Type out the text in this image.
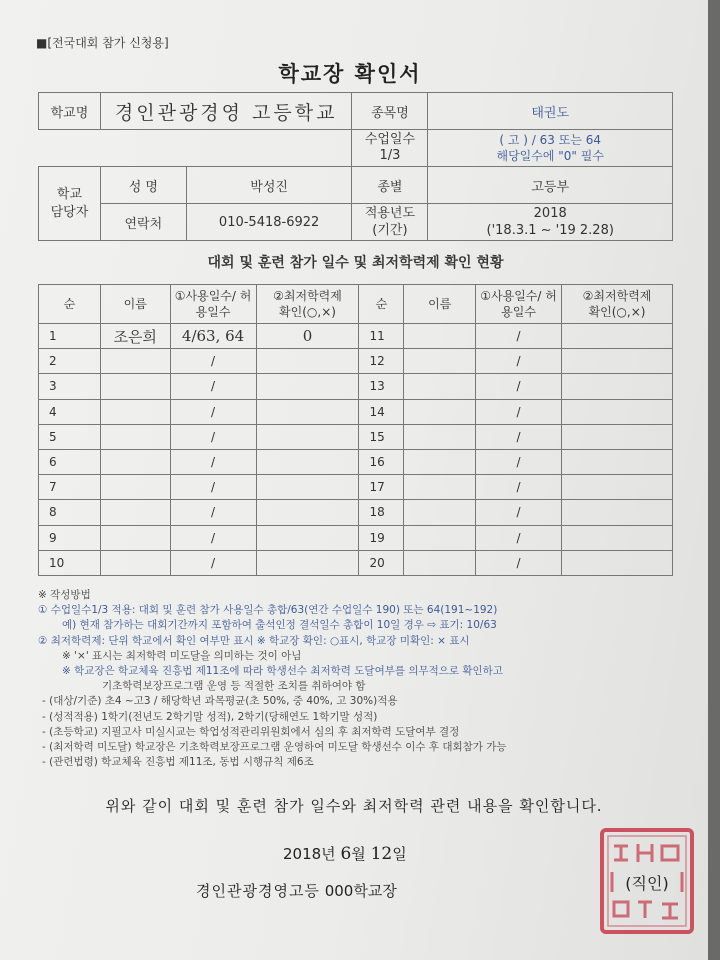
■[전국대회 참가 신청용]
학교장 확인서
학교명	경인관광경영 고등학교		종목명	태권도
			수업일수 1/3	( 고 ) / 63 또는 64
해당일수에 "0" 필수

학교 담당자	성 명	박성진	종별	고등부
	연락처	010-5418-6922	적용년도 (기간)	2018
('18.3.1 ~ '19 2.28)
대회 및 훈련 참가 일수 및 최저학력제 확인 현황
순	이름	①사용일수/ 허용일수	②최저학력제 확인(○,×)	순	이름	①사용일수/ 허용일수	②최저학력제 확인(○,×)
1	조은희	4/63, 64	0	11		/	
2		/		12		/	
3		/		13		/	
4		/		14		/	
5		/		15		/	
6		/		16		/	
7		/		17		/	
8		/		18		/	
9		/		19		/	
10		/		20		/	
※ 작성방법
① 수업일수1/3 적용: 대회 및 훈련 참가 사용일수 총합/63(연간 수업일수 190) 또는 64(191~192)
예) 현재 참가하는 대회기간까지 포함하여 출석인정 결석일수 총합이 10일 경우 ⇨ 표기: 10/63
② 최저학력제: 단위 학교에서 확인 여부만 표시 ※ 학교장 확인: ○표시, 학교장 미확인: × 표시
※ '×' 표시는 최저학력 미도달을 의미하는 것이 아님
※ 학교장은 학교체육 진흥법 제11조에 따라 학생선수 최저학력 도달여부를 의무적으로 확인하고
기초학력보장프로그램 운영 등 적절한 조치를 취하여야 함
- (대상/기준) 초4 ~고3 / 해당학년 과목평균(초 50%, 중 40%, 고 30%)적용
- (성적적용) 1학기(전년도 2학기말 성적), 2학기(당해연도 1학기말 성적)
- (초등학교) 지필고사 미실시교는 학업성적관리위원회에서 심의 후 최저학력 도달여부 결정
- (최저학력 미도달) 학교장은 기초학력보장프로그램 운영하여 미도달 학생선수 이수 후 대회참가 가능
- (관련법령) 학교체육 진흥법 제11조, 동법 시행규칙 제6조
위와 같이 대회 및 훈련 참가 일수와 최저학력 관련 내용을 확인합니다.
2018년 6월 12일
경인관광경영고등 000학교장	(직인)
